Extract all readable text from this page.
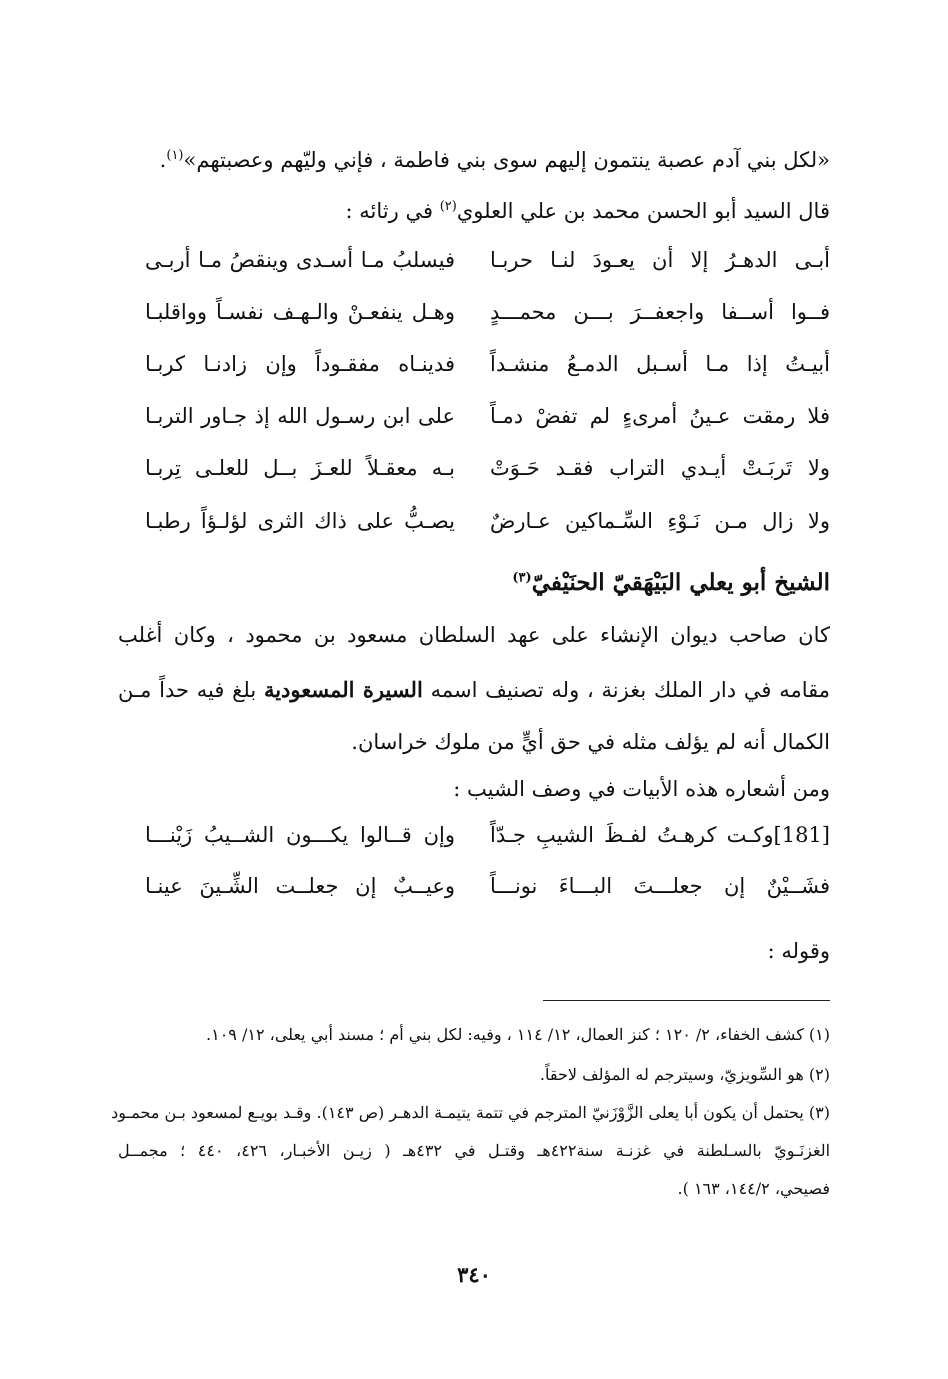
«لكل بني آدم عصبة ينتمون إليهم سوى بني فاطمة ، فإني وليّهم وعصبتهم»$^{(١)}$.
قال السيد أبو الحسن محمد بن علي العلوي$^{(٢)}$ في رثائه :
أبـى الدهـرُ إلا أن يعـودَ لنـا حربـا
فيسلبُ مـا أسـدى وينقصُ مـا أربـى
فــوا أســفا واجعفــرَ بـــن محمـــدٍ
وهـل ينفعـنْ والـهـف نفسـاً وواقلبـا
أبيـتُ إذا مـا أسـبل الدمـعُ منشـداً
فدينـاه مفقـوداً وإن زادنـا كربـا
فلا رمقت عـينُ أمرىءٍ لم تفضْ دمـاً
على ابن رسـول الله إذ جـاور التربـا
ولا تَربَـتْ أيـدي التراب فقـد حَـوَتْ
بـه معقـلاً للعـزَ بــل للعلـى تِربـا
ولا زال مـن نَـوْءِ السِّـماكين عـارضٌ
يصـبُّ على ذاك الثرى لؤلـؤاً رطبـا
الشيخ أبو يعلي البَيْهَقيّ الحنَيْفيّ$^{(٣)}$
كان صاحب ديوان الإنشاء على عهد السلطان مسعود بن محمود ، وكان أغلب
مقامه في دار الملك بغزنة ، وله تصنيف اسمه السيرة المسعودية بلغ فيه حداً مـن
الكمال أنه لم يؤلف مثله في حق أيٍّ من ملوك خراسان.
ومن أشعاره هذه الأبيات في وصف الشيب :
[181]وكـت كرهـتُ لفـظَ الشيبِ جـدّاً
وإن قــالوا يكـــون الشــيبُ زَيْنـــا
فشَــيْنٌ إن جعلـــتَ البـــاءَ نونـــاً
وعيــبٌ إن جعلــت الشِّـينَ عينـا
وقوله :
(١) كشف الخفاء، ٢/ ١٢٠ ؛ كنز العمال، ١٢/ ١١٤ ، وفيه: لكل بني أم ؛ مسند أبي يعلى، ١٢/ ١٠٩.
(٢) هو السِّويزيّ، وسيترجم له المؤلف لاحقاً.
(٣) يحتمل أن يكون أبا يعلى الزَّوْزَنيّ المترجم في تتمة يتيمـة الدهـر (ص ١٤٣). وقـد بويـع لمسعود بـن محمـود
الغزنَـويّ بالسـلطنة في غزنـة سنة٤٢٢هـ وقتـل في ٤٣٢هـ ( زيـن الأخبـار، ٤٢٦، ٤٤٠ ؛ مجمــل
فصيحي، ١٤٤/٢، ١٦٣ ).
٣٤٠
